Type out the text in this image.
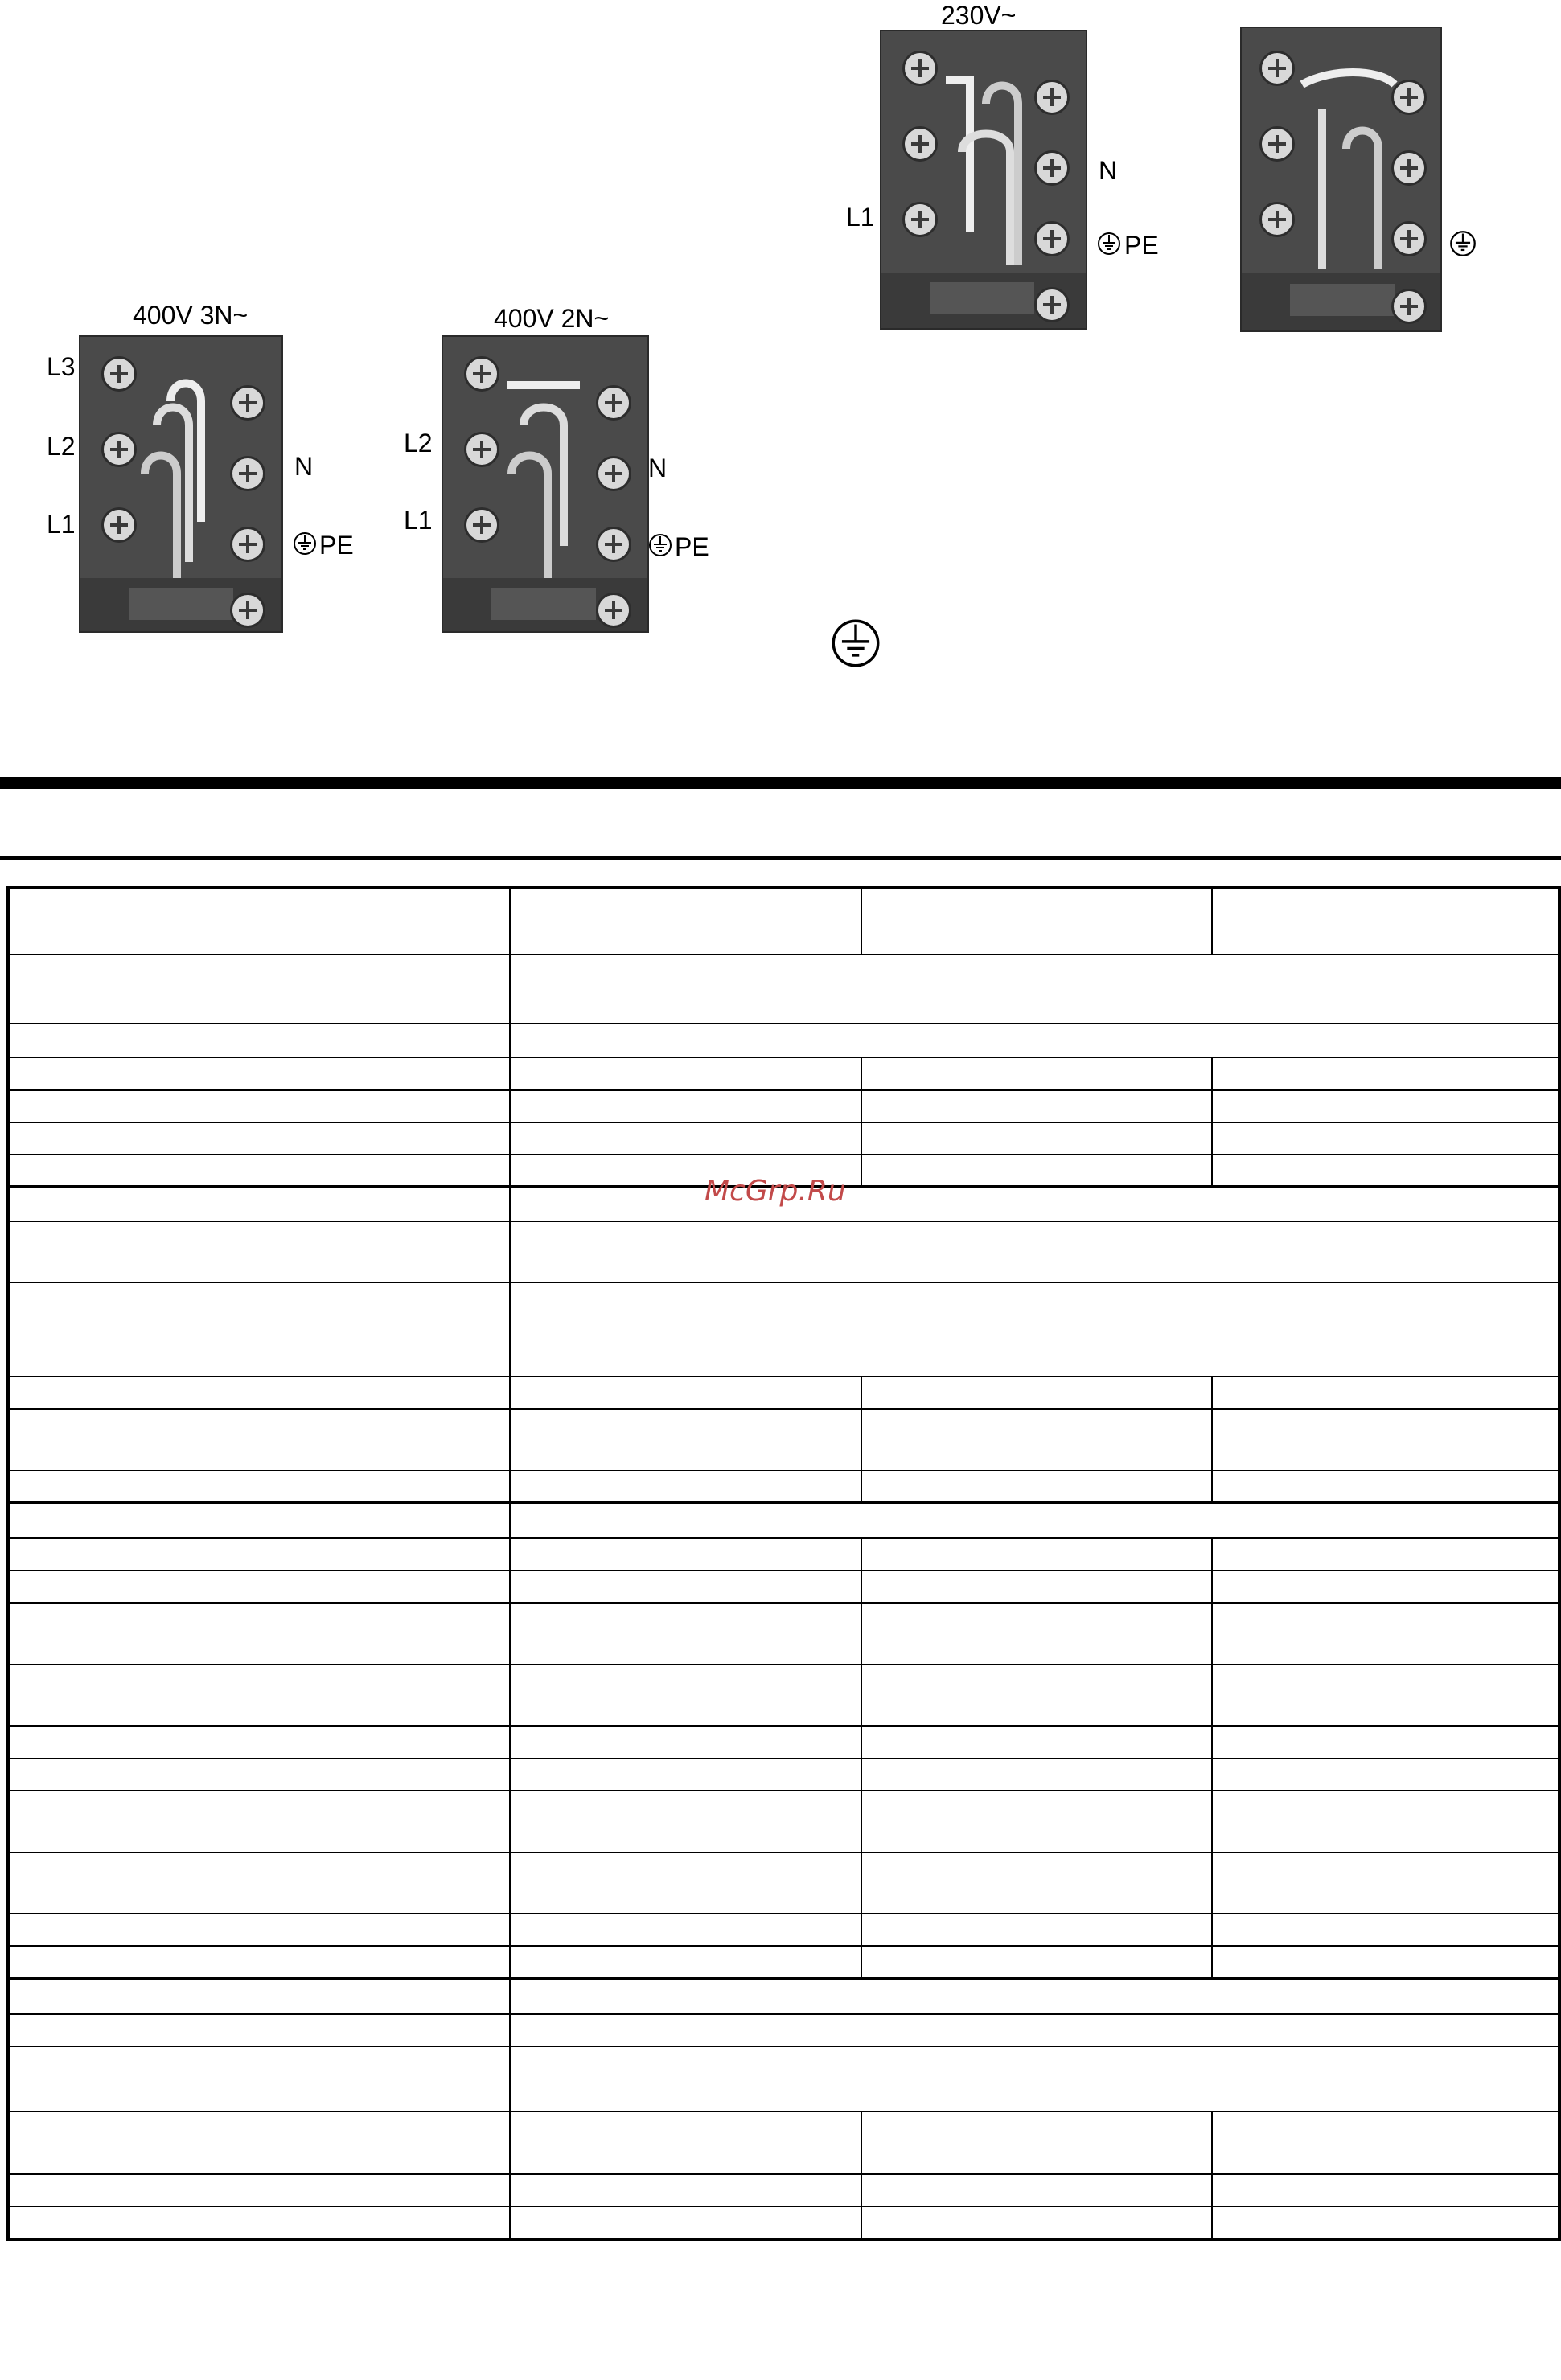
400V 3N~
L3
L2
L1
N
PE
400V 2N~
L2
L1
N
PE
230V~
L1
N
PE

McGrp.Ru
